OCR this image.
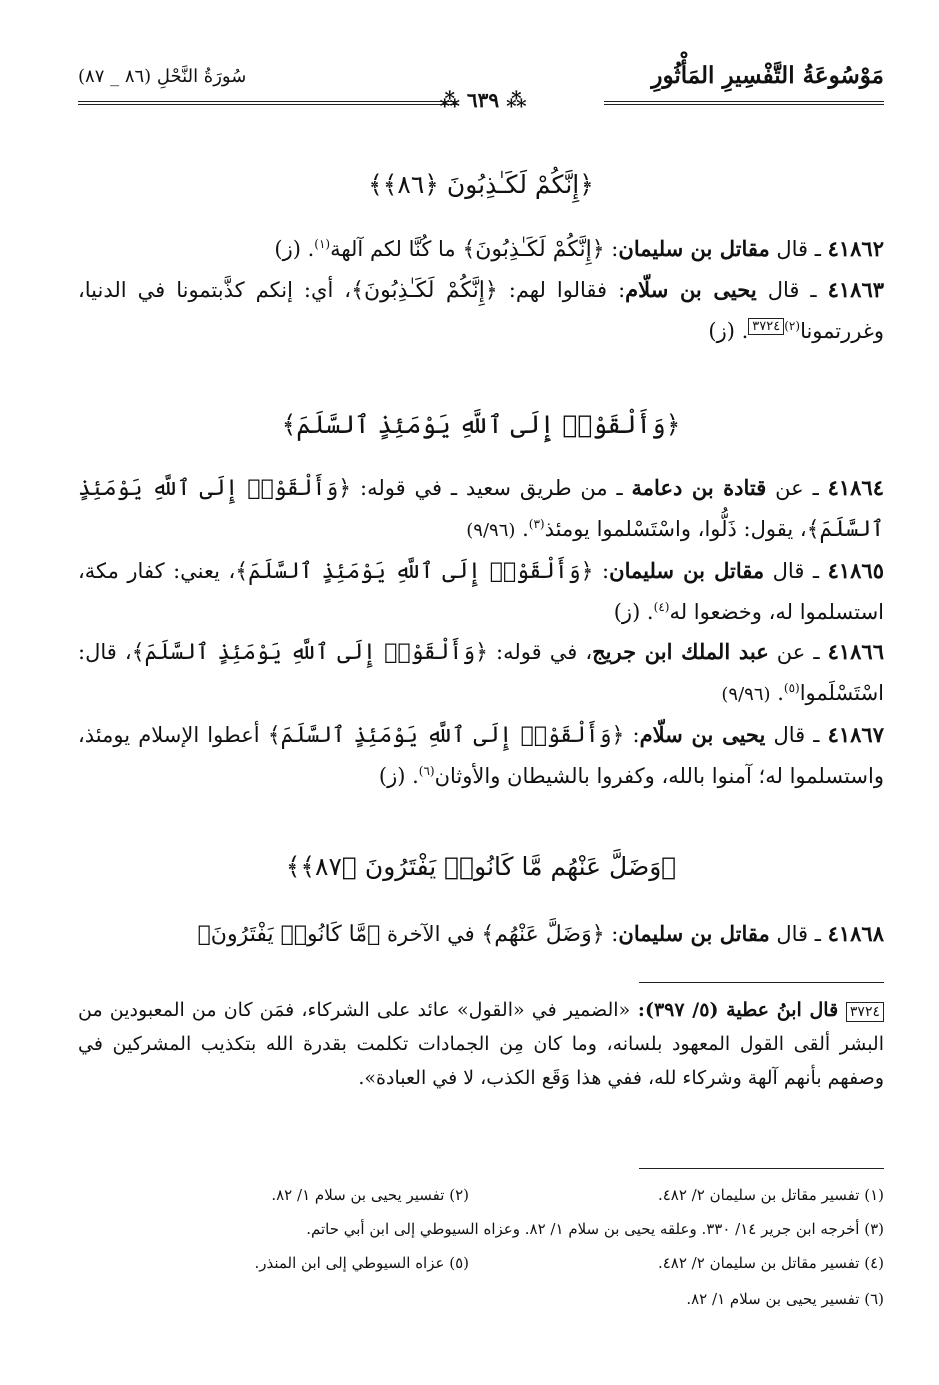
مَوْسُوعَةُ التَّفْسِيرِ المَأْثُورِ
سُورَةُ النَّحْلِ (٨٦ _ ٨٧)
⁂ ٦٣٩ ⁂
﴿إِنَّكُمْ لَكَـٰذِبُونَ ﴿٨٦﴾﴾

٤١٨٦٢ ـ قال مقاتل بن سليمان: ﴿إِنَّكُمْ لَكَـٰذِبُونَ﴾ ما كُنَّا لكم آلهة$^{(١)}$. (ز)

٤١٨٦٣ ـ قال يحيى بن سلّام: فقالوا لهم: ﴿إِنَّكُمْ لَكَـٰذِبُونَ﴾، أي: إنكم كذَّبتمونا في الدنيا، وغررتمونا$^{(٢)}$٣٧٢٤. (ز)

﴿وَأَلْقَوْا۟ إِلَى ٱللَّهِ يَوْمَئِذٍ ٱلسَّلَمَ﴾

٤١٨٦٤ ـ عن قتادة بن دعامة ـ من طريق سعيد ـ في قوله: ﴿وَأَلْقَوْا۟ إِلَى ٱللَّهِ يَوْمَئِذٍ ٱلسَّلَمَ﴾، يقول: ذَلُّوا، واسْتَسْلموا يومئذ$^{(٣)}$. (٩/٩٦)

٤١٨٦٥ ـ قال مقاتل بن سليمان: ﴿وَأَلْقَوْا۟ إِلَى ٱللَّهِ يَوْمَئِذٍ ٱلسَّلَمَ﴾، يعني: كفار مكة، استسلموا له، وخضعوا له$^{(٤)}$. (ز)

٤١٨٦٦ ـ عن عبد الملك ابن جريج، في قوله: ﴿وَأَلْقَوْا۟ إِلَى ٱللَّهِ يَوْمَئِذٍ ٱلسَّلَمَ﴾، قال: اسْتَسْلَموا$^{(٥)}$. (٩/٩٦)

٤١٨٦٧ ـ قال يحيى بن سلّام: ﴿وَأَلْقَوْا۟ إِلَى ٱللَّهِ يَوْمَئِذٍ ٱلسَّلَمَ﴾ أعطوا الإسلام يومئذ، واستسلموا له؛ آمنوا بالله، وكفروا بالشيطان والأوثان$^{(٦)}$. (ز)

﴿وَضَلَّ عَنْهُم مَّا كَانُوا۟ يَفْتَرُونَ ﴿٨٧﴾﴾

٤١٨٦٨ ـ قال مقاتل بن سليمان: ﴿وَضَلَّ عَنْهُم﴾ في الآخرة ﴿مَّا كَانُوا۟ يَفْتَرُونَ﴾

٣٧٢٤ قال ابنُ عطية (٥/ ٣٩٧): «الضمير في «القول» عائد على الشركاء، فمَن كان من المعبودين من البشر ألقى القول المعهود بلسانه، وما كان مِن الجمادات تكلمت بقدرة الله بتكذيب المشركين في وصفهم بأنهم آلهة وشركاء لله، ففي هذا وَقَع الكذب، لا في العبادة».
(١) تفسير مقاتل بن سليمان ٢/ ٤٨٢.
(٢) تفسير يحيى بن سلام ١/ ٨٢.
(٣) أخرجه ابن جرير ١٤/ ٣٣٠. وعلقه يحيى بن سلام ١/ ٨٢. وعزاه السيوطي إلى ابن أبي حاتم.
(٤) تفسير مقاتل بن سليمان ٢/ ٤٨٢.
(٥) عزاه السيوطي إلى ابن المنذر.
(٦) تفسير يحيى بن سلام ١/ ٨٢.
